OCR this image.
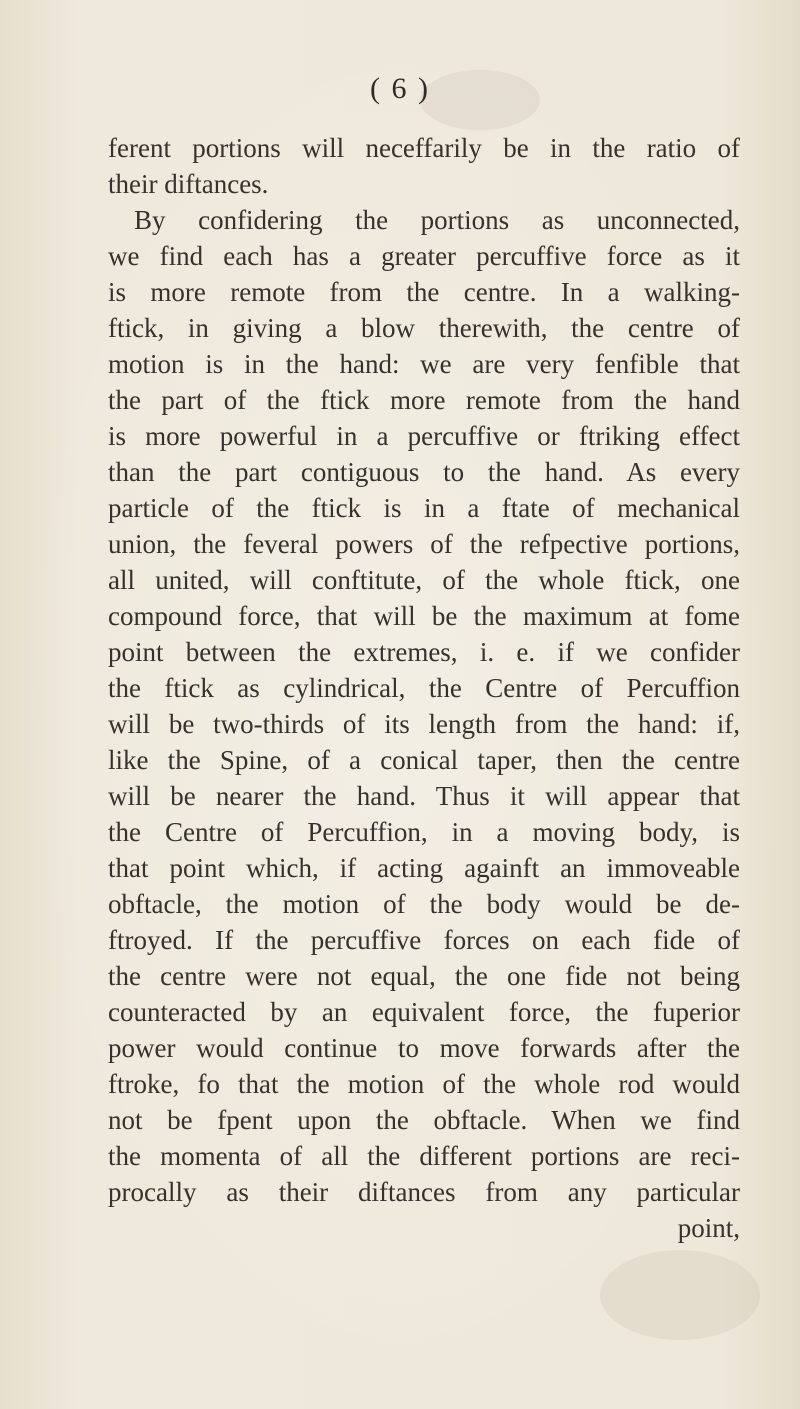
( 6 )
ferent portions will neceffarily be in the ratio of
their diftances.
By confidering the portions as unconnected,
we find each has a greater percuffive force as it
is more remote from the centre. In a walking-
ftick, in giving a blow therewith, the centre of
motion is in the hand: we are very fenfible that
the part of the ftick more remote from the hand
is more powerful in a percuffive or ftriking effect
than the part contiguous to the hand. As every
particle of the ftick is in a ftate of mechanical
union, the feveral powers of the refpective portions,
all united, will conftitute, of the whole ftick, one
compound force, that will be the maximum at fome
point between the extremes, i. e. if we confider
the ftick as cylindrical, the Centre of Percuffion
will be two-thirds of its length from the hand: if,
like the Spine, of a conical taper, then the centre
will be nearer the hand. Thus it will appear that
the Centre of Percuffion, in a moving body, is
that point which, if acting againft an immoveable
obftacle, the motion of the body would be de-
ftroyed. If the percuffive forces on each fide of
the centre were not equal, the one fide not being
counteracted by an equivalent force, the fuperior
power would continue to move forwards after the
ftroke, fo that the motion of the whole rod would
not be fpent upon the obftacle. When we find
the momenta of all the different portions are reci-
procally as their diftances from any particular
point,
